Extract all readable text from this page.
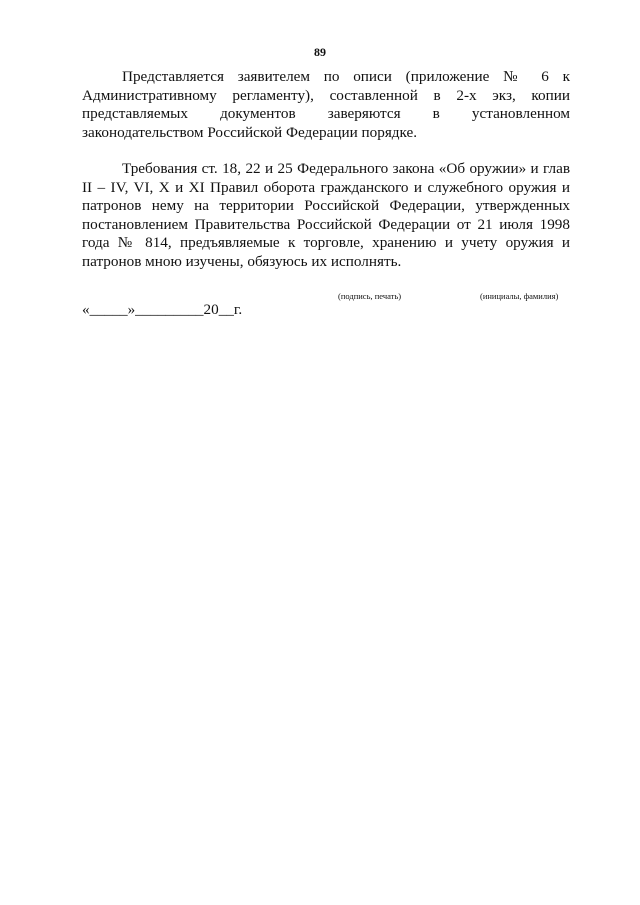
89

Представляется заявителем по описи (приложение № 6 к Административному регламенту), составленной в 2-х экз, копии представляемых документов заверяются в установленном законодательством Российской Федерации порядке.

Требования ст. 18, 22 и 25 Федерального закона «Об оружии» и глав II – IV, VI, X и XI Правил оборота гражданского и служебного оружия и патронов нему на территории Российской Федерации, утвержденных постановлением Правительства Российской Федерации от 21 июля 1998 года № 814, предъявляемые к торговле, хранению и учету оружия и патронов мною изучены, обязуюсь их исполнять.

(подпись, печать)	(инициалы, фамилия)
«_____»_________20__г.
